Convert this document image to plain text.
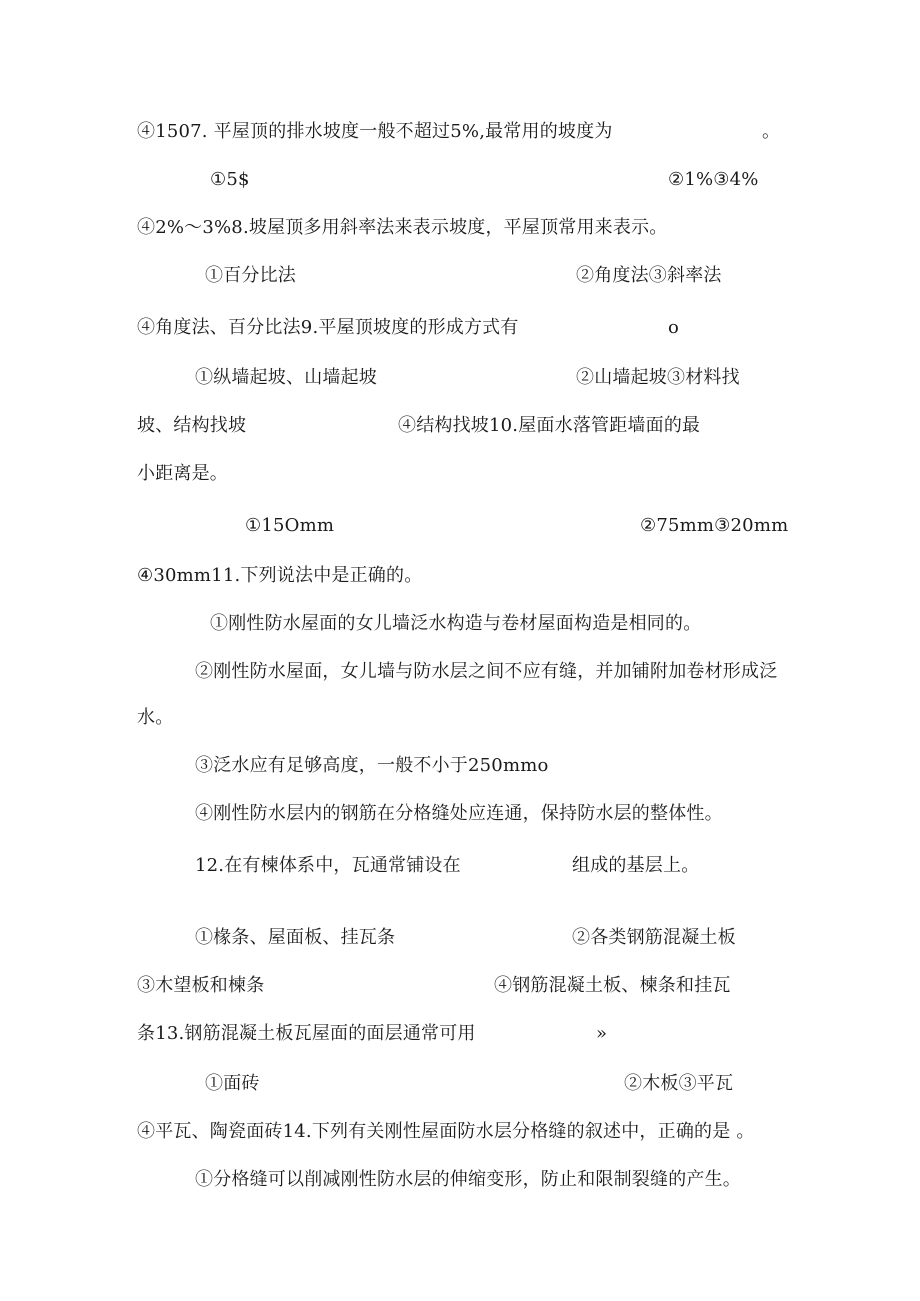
④1507. 平屋顶的排水坡度一般不超过5%,最常用的坡度为	。
①5$	②1%③4%
④2%～3%8.坡屋顶多用斜率法来表示坡度，平屋顶常用来表示。
①百分比法	②角度法③斜率法
④角度法、百分比法9.平屋顶坡度的形成方式有	o
①纵墙起坡、山墙起坡	②山墙起坡③材料找
坡、结构找坡	④结构找坡10.屋面水落管距墙面的最
小距离是。
①15Omm	②75mm③20mm
④30mm11.下列说法中是正确的。
①刚性防水屋面的女儿墙泛水构造与卷材屋面构造是相同的。
②刚性防水屋面，女儿墙与防水层之间不应有缝，并加铺附加卷材形成泛
水。
③泛水应有足够高度，一般不小于250mmo
④刚性防水层内的钢筋在分格缝处应连通，保持防水层的整体性。
12.在有楝体系中，瓦通常铺设在	组成的基层上。
①椽条、屋面板、挂瓦条	②各类钢筋混凝土板
③木望板和楝条	④钢筋混凝土板、楝条和挂瓦
条13.钢筋混凝土板瓦屋面的面层通常可用	»
①面砖	②木板③平瓦
④平瓦、陶瓷面砖14.下列有关刚性屋面防水层分格缝的叙述中，正确的是 。
①分格缝可以削减刚性防水层的伸缩变形，防止和限制裂缝的产生。
